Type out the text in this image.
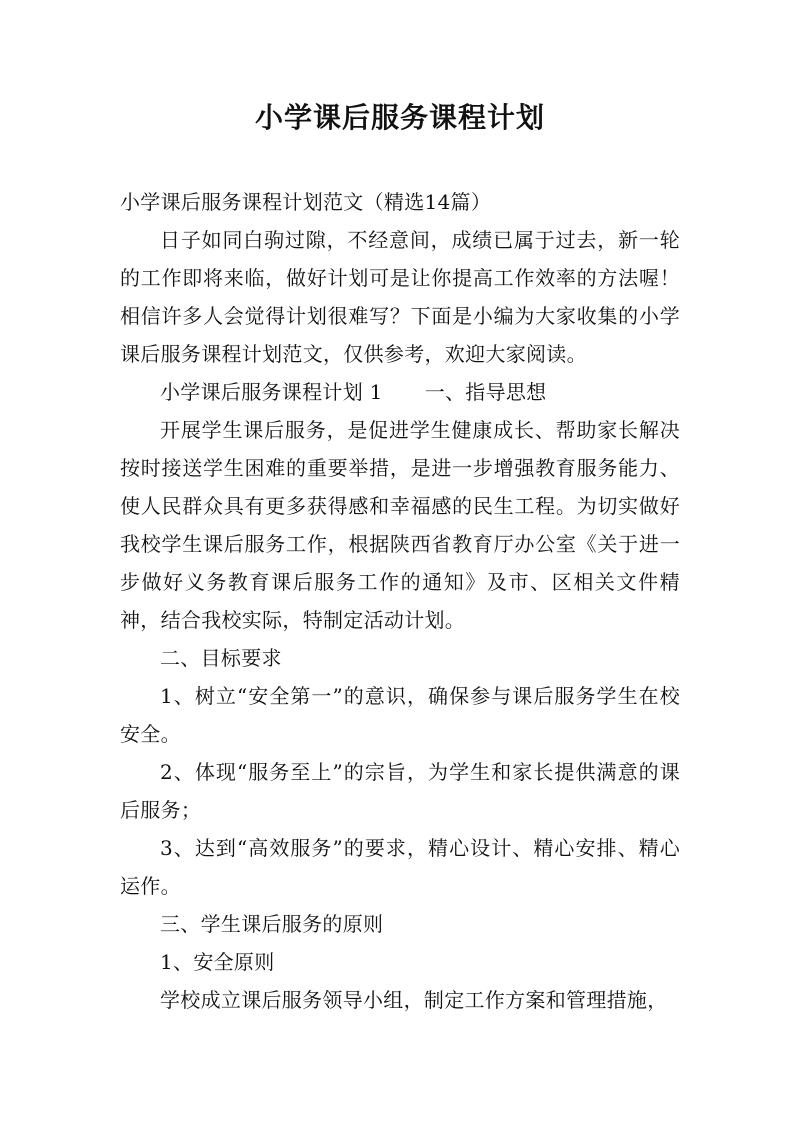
小学课后服务课程计划

小学课后服务课程计划范文（精选14篇）

日子如同白驹过隙，不经意间，成绩已属于过去，新一轮的工作即将来临，做好计划可是让你提高工作效率的方法喔！相信许多人会觉得计划很难写？下面是小编为大家收集的小学课后服务课程计划范文，仅供参考，欢迎大家阅读。

小学课后服务课程计划 1 一、指导思想

开展学生课后服务，是促进学生健康成长、帮助家长解决按时接送学生困难的重要举措，是进一步增强教育服务能力、使人民群众具有更多获得感和幸福感的民生工程。为切实做好我校学生课后服务工作，根据陕西省教育厅办公室《关于进一步做好义务教育课后服务工作的通知》及市、区相关文件精神，结合我校实际，特制定活动计划。

二、目标要求

1、树立“安全第一”的意识，确保参与课后服务学生在校安全。

2、体现“服务至上”的宗旨，为学生和家长提供满意的课后服务；

3、达到“高效服务”的要求，精心设计、精心安排、精心运作。

三、学生课后服务的原则

1、安全原则

学校成立课后服务领导小组，制定工作方案和管理措施，
